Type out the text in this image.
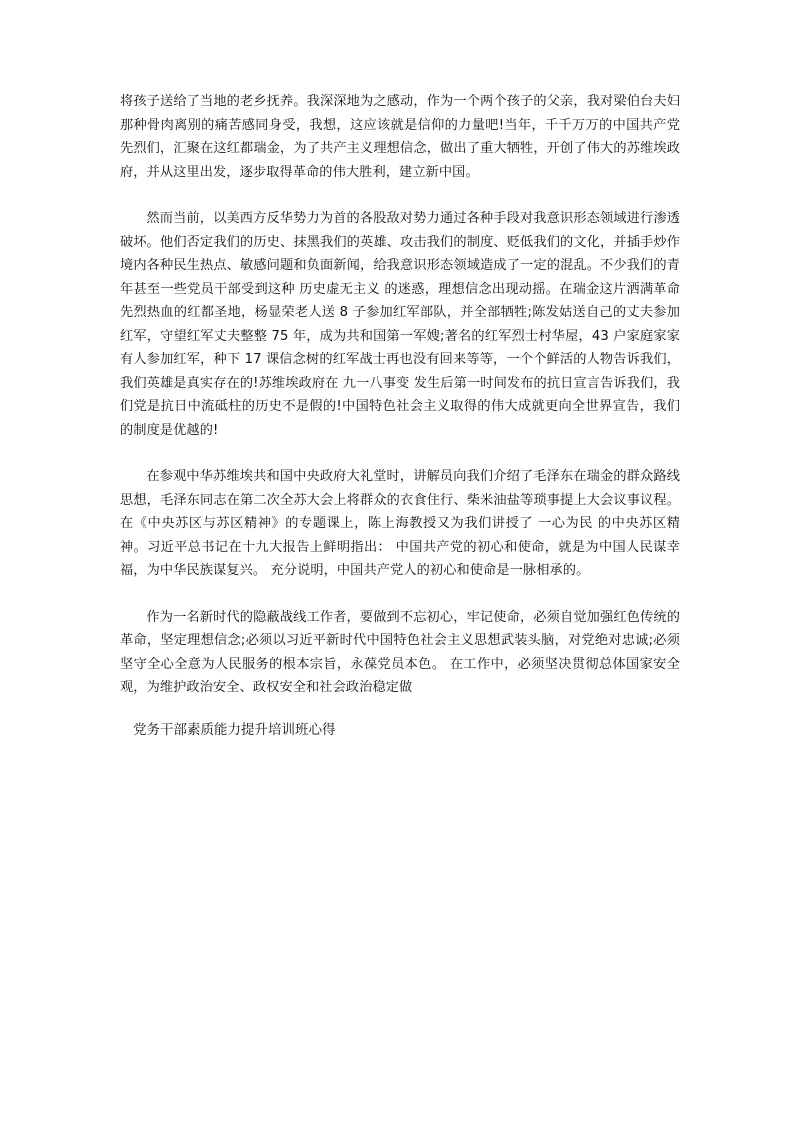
将孩子送给了当地的老乡抚养。我深深地为之感动，作为一个两个孩子的父亲，我对梁伯台夫妇那种骨肉离别的痛苦感同身受，我想，这应该就是信仰的力量吧!当年，千千万万的中国共产党先烈们，汇聚在这红都瑞金，为了共产主义理想信念，做出了重大牺牲，开创了伟大的苏维埃政府，并从这里出发，逐步取得革命的伟大胜利，建立新中国。

然而当前，以美西方反华势力为首的各股敌对势力通过各种手段对我意识形态领域进行渗透破坏。他们否定我们的历史、抹黑我们的英雄、攻击我们的制度、贬低我们的文化，并插手炒作境内各种民生热点、敏感问题和负面新闻，给我意识形态领域造成了一定的混乱。不少我们的青年甚至一些党员干部受到这种 历史虚无主义 的迷惑，理想信念出现动摇。在瑞金这片洒满革命先烈热血的红都圣地，杨显荣老人送 8 子参加红军部队，并全部牺牲;陈发姑送自己的丈夫参加红军，守望红军丈夫整整 75 年，成为共和国第一军嫂;著名的红军烈士村华屋，43 户家庭家家有人参加红军，种下 17 课信念树的红军战士再也没有回来等等，一个个鲜活的人物告诉我们，我们英雄是真实存在的!苏维埃政府在 九一八事变 发生后第一时间发布的抗日宣言告诉我们，我们党是抗日中流砥柱的历史不是假的!中国特色社会主义取得的伟大成就更向全世界宣告，我们的制度是优越的!

在参观中华苏维埃共和国中央政府大礼堂时，讲解员向我们介绍了毛泽东在瑞金的群众路线思想，毛泽东同志在第二次全苏大会上将群众的衣食住行、柴米油盐等琐事提上大会议事议程。在《中央苏区与苏区精神》的专题课上，陈上海教授又为我们讲授了 一心为民 的中央苏区精神。习近平总书记在十九大报告上鲜明指出： 中国共产党的初心和使命，就是为中国人民谋幸福，为中华民族谋复兴。 充分说明，中国共产党人的初心和使命是一脉相承的。

作为一名新时代的隐蔽战线工作者，要做到不忘初心，牢记使命，必须自觉加强红色传统的革命，坚定理想信念;必须以习近平新时代中国特色社会主义思想武装头脑，对党绝对忠诚;必须坚守全心全意为人民服务的根本宗旨，永葆党员本色。 在工作中，必须坚决贯彻总体国家安全观，为维护政治安全、政权安全和社会政治稳定做

党务干部素质能力提升培训班心得
